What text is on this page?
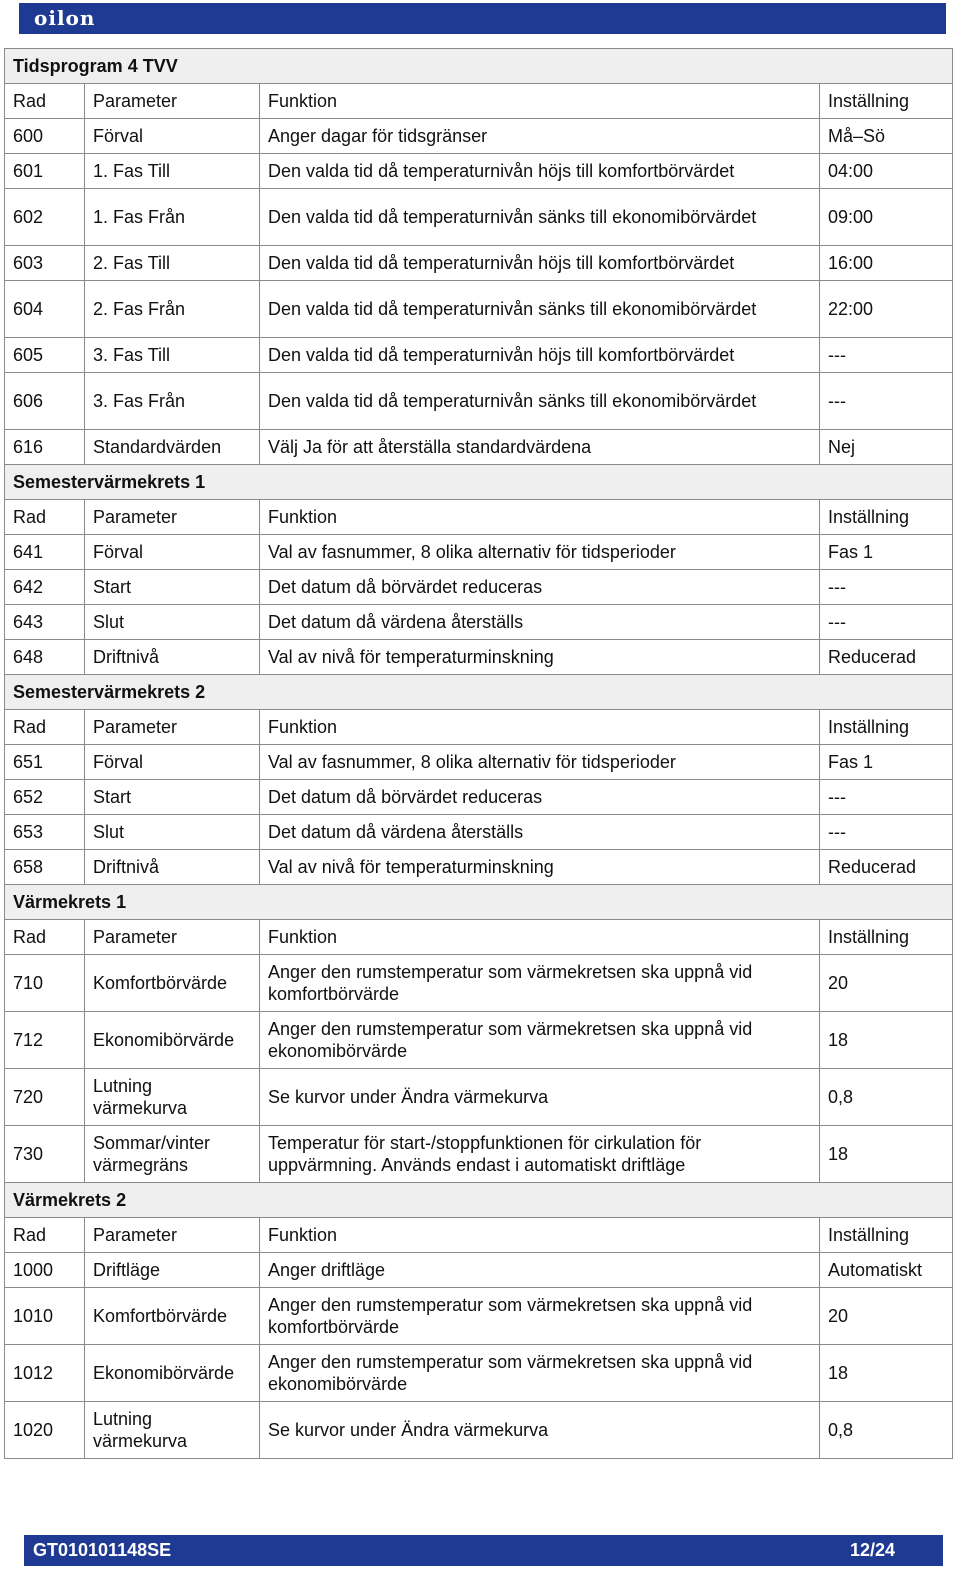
oilon
Tidsprogram 4 TVV			
Rad	Parameter	Funktion	Inställning
600	Förval	Anger dagar för tidsgränser	Må–Sö
601	1. Fas Till	Den valda tid då temperaturnivån höjs till komfortbörvärdet	04:00
602	1. Fas Från	Den valda tid då temperaturnivån sänks till ekonomibörvärdet	09:00
603	2. Fas Till	Den valda tid då temperaturnivån höjs till komfortbörvärdet	16:00
604	2. Fas Från	Den valda tid då temperaturnivån sänks till ekonomibörvärdet	22:00
605	3. Fas Till	Den valda tid då temperaturnivån höjs till komfortbörvärdet	---
606	3. Fas Från	Den valda tid då temperaturnivån sänks till ekonomibörvärdet	---
616	Standardvärden	Välj Ja för att återställa standardvärdena	Nej
Semestervärmekrets 1			
Rad	Parameter	Funktion	Inställning
641	Förval	Val av fasnummer, 8 olika alternativ för tidsperioder	Fas 1
642	Start	Det datum då börvärdet reduceras	---
643	Slut	Det datum då värdena återställs	---
648	Driftnivå	Val av nivå för temperaturminskning	Reducerad
Semestervärmekrets 2			
Rad	Parameter	Funktion	Inställning
651	Förval	Val av fasnummer, 8 olika alternativ för tidsperioder	Fas 1
652	Start	Det datum då börvärdet reduceras	---
653	Slut	Det datum då värdena återställs	---
658	Driftnivå	Val av nivå för temperaturminskning	Reducerad
Värmekrets 1			
Rad	Parameter	Funktion	Inställning
710	Komfortbörvärde	Anger den rumstemperatur som värmekretsen ska uppnå vid komfortbörvärde	20
712	Ekonomibörvärde	Anger den rumstemperatur som värmekretsen ska uppnå vid ekonomibörvärde	18
720	Lutning värmekurva	Se kurvor under Ändra värmekurva	0,8
730	Sommar/vinter värmegräns	Temperatur för start-/stoppfunktionen för cirkulation för uppvärmning. Används endast i automatiskt driftläge	18
Värmekrets 2			
Rad	Parameter	Funktion	Inställning
1000	Driftläge	Anger driftläge	Automatiskt
1010	Komfortbörvärde	Anger den rumstemperatur som värmekretsen ska uppnå vid komfortbörvärde	20
1012	Ekonomibörvärde	Anger den rumstemperatur som värmekretsen ska uppnå vid ekonomibörvärde	18
1020	Lutning värmekurva	Se kurvor under Ändra värmekurva	0,8
GT010101148SE	12/24
